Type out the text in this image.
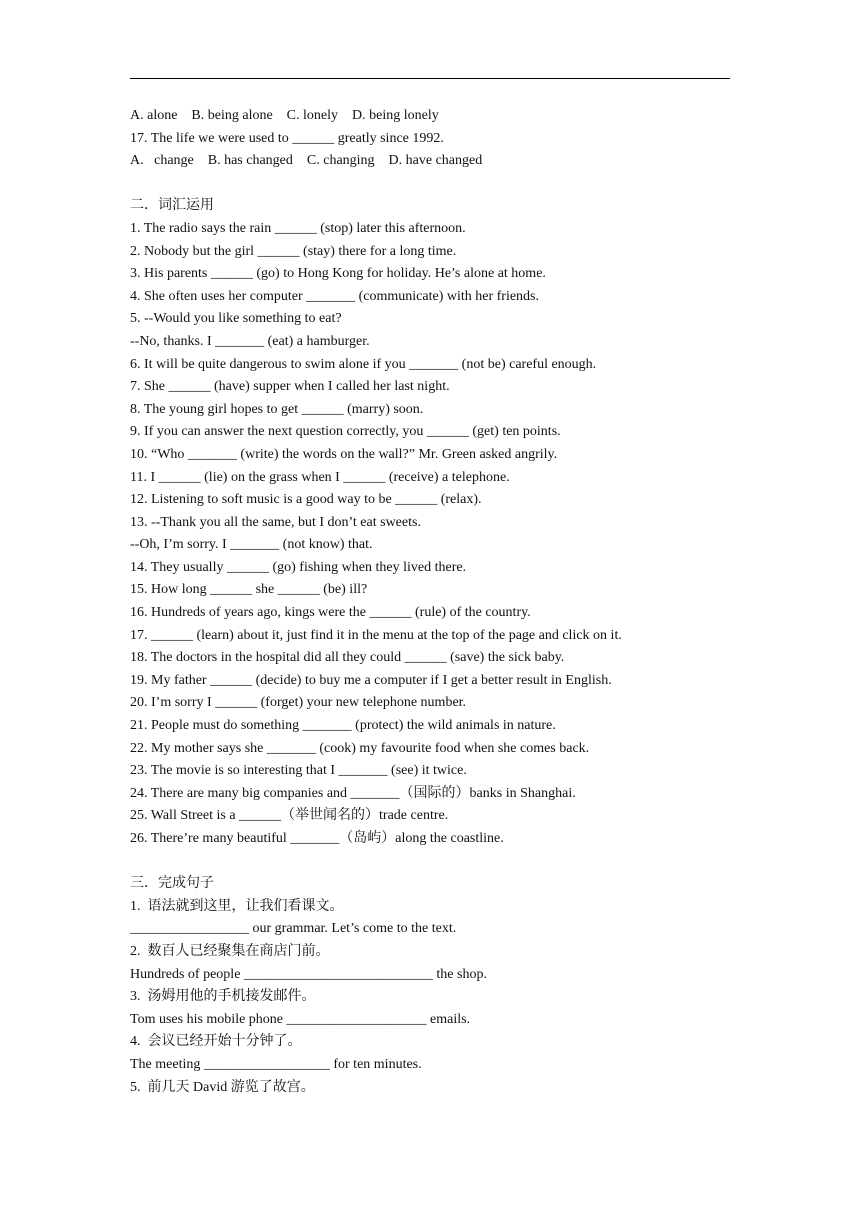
A. alone    B. being alone    C. lonely    D. being lonely
17. The life we were used to ______ greatly since 1992.
A.   change    B. has changed    C. changing    D. have changed
二．词汇运用
1. The radio says the rain ______ (stop) later this afternoon.
2. Nobody but the girl ______ (stay) there for a long time.
3. His parents ______ (go) to Hong Kong for holiday. He’s alone at home.
4. She often uses her computer _______ (communicate) with her friends.
5. --Would you like something to eat?
--No, thanks. I _______ (eat) a hamburger.
6. It will be quite dangerous to swim alone if you _______ (not be) careful enough.
7. She ______ (have) supper when I called her last night.
8. The young girl hopes to get ______ (marry) soon.
9. If you can answer the next question correctly, you ______ (get) ten points.
10. “Who _______ (write) the words on the wall?” Mr. Green asked angrily.
11. I ______ (lie) on the grass when I ______ (receive) a telephone.
12. Listening to soft music is a good way to be ______ (relax).
13. --Thank you all the same, but I don’t eat sweets.
--Oh, I’m sorry. I _______ (not know) that.
14. They usually ______ (go) fishing when they lived there.
15. How long ______ she ______ (be) ill?
16. Hundreds of years ago, kings were the ______ (rule) of the country.
17. ______ (learn) about it, just find it in the menu at the top of the page and click on it.
18. The doctors in the hospital did all they could ______ (save) the sick baby.
19. My father ______ (decide) to buy me a computer if I get a better result in English.
20. I’m sorry I ______ (forget) your new telephone number.
21. People must do something _______ (protect) the wild animals in nature.
22. My mother says she _______ (cook) my favourite food when she comes back.
23. The movie is so interesting that I _______ (see) it twice.
24. There are many big companies and _______（国际的）banks in Shanghai.
25. Wall Street is a ______（举世闻名的）trade centre.
26. There’re many beautiful _______（岛屿）along the coastline.
三．完成句子
1.  语法就到这里，让我们看课文。
_________________ our grammar. Let’s come to the text.
2.  数百人已经聚集在商店门前。
Hundreds of people ___________________________ the shop.
3.  汤姆用他的手机接发邮件。
Tom uses his mobile phone ____________________ emails.
4.  会议已经开始十分钟了。
The meeting __________________ for ten minutes.
5.  前几天 David 游览了故宫。
